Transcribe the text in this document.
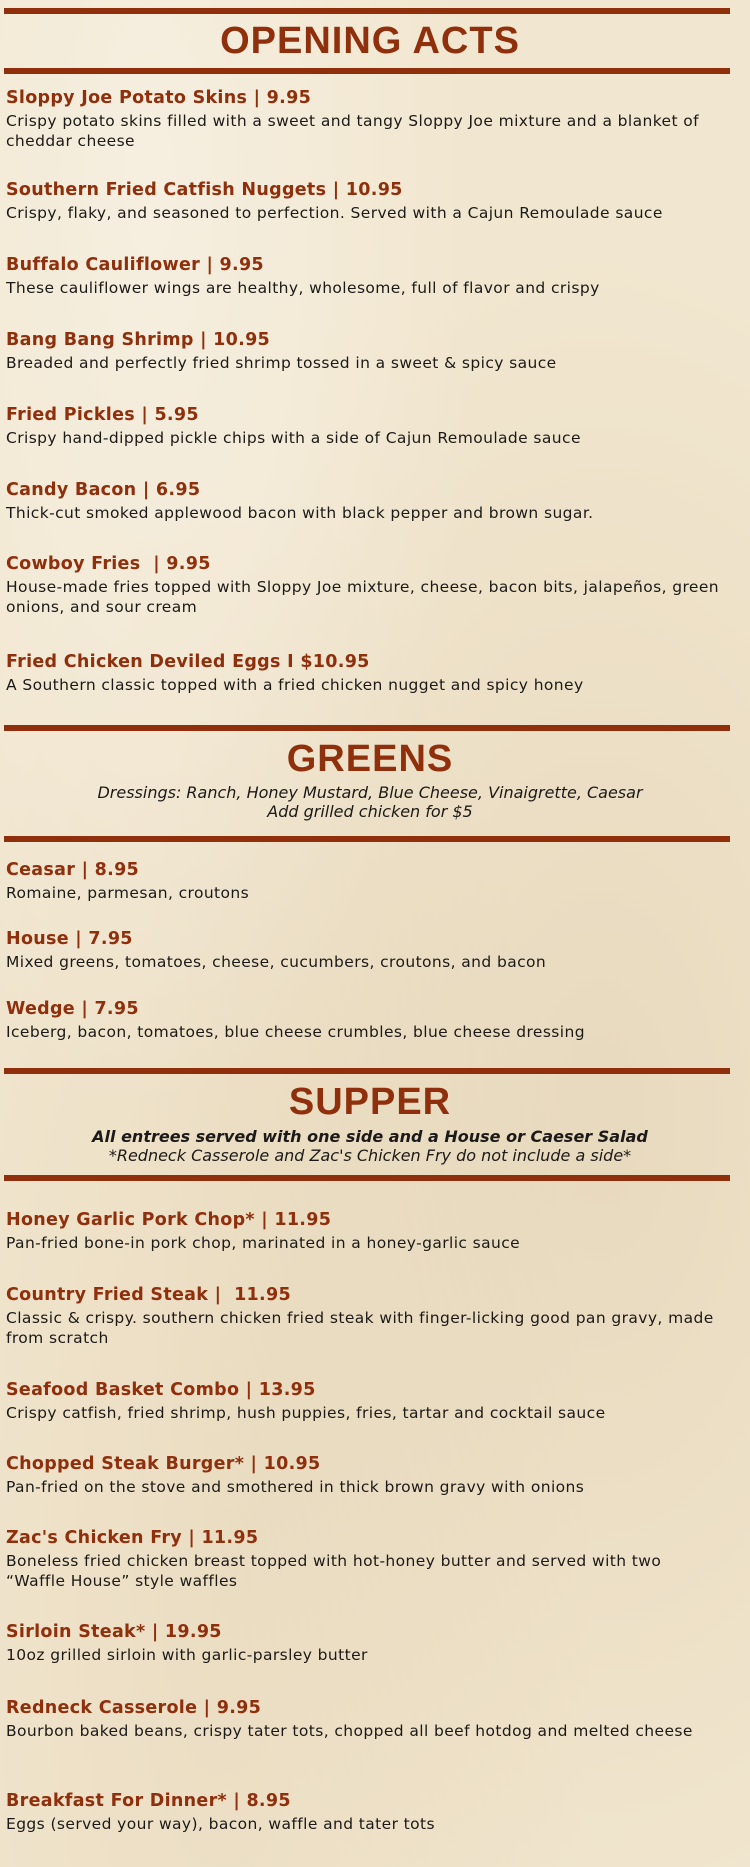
OPENING ACTS
Sloppy Joe Potato Skins | 9.95
Crispy potato skins filled with a sweet and tangy Sloppy Joe mixture and a blanket of cheddar cheese
Southern Fried Catfish Nuggets | 10.95
Crispy, flaky, and seasoned to perfection. Served with a Cajun Remoulade sauce
Buffalo Cauliflower | 9.95
These cauliflower wings are healthy, wholesome, full of flavor and crispy
Bang Bang Shrimp | 10.95
Breaded and perfectly fried shrimp tossed in a sweet & spicy sauce
Fried Pickles | 5.95
Crispy hand-dipped pickle chips with a side of Cajun Remoulade sauce
Candy Bacon | 6.95
Thick-cut smoked applewood bacon with black pepper and brown sugar.
Cowboy Fries  | 9.95
House-made fries topped with Sloppy Joe mixture, cheese, bacon bits, jalapeños, green onions, and sour cream
Fried Chicken Deviled Eggs I $10.95
A Southern classic topped with a fried chicken nugget and spicy honey
GREENS
Dressings: Ranch, Honey Mustard, Blue Cheese, Vinaigrette, Caesar
Add grilled chicken for $5
Ceasar | 8.95
Romaine, parmesan, croutons
House | 7.95
Mixed greens, tomatoes, cheese, cucumbers, croutons, and bacon
Wedge | 7.95
Iceberg, bacon, tomatoes, blue cheese crumbles, blue cheese dressing
SUPPER
All entrees served with one side and a House or Caeser Salad
*Redneck Casserole and Zac's Chicken Fry do not include a side*
Honey Garlic Pork Chop* | 11.95
Pan-fried bone-in pork chop, marinated in a honey-garlic sauce
Country Fried Steak |  11.95
Classic & crispy. southern chicken fried steak with finger-licking good pan gravy, made from scratch
Seafood Basket Combo | 13.95
Crispy catfish, fried shrimp, hush puppies, fries, tartar and cocktail sauce
Chopped Steak Burger* | 10.95
Pan-fried on the stove and smothered in thick brown gravy with onions
Zac's Chicken Fry | 11.95
Boneless fried chicken breast topped with hot-honey butter and served with two “Waffle House” style waffles
Sirloin Steak* | 19.95
10oz grilled sirloin with garlic-parsley butter
Redneck Casserole | 9.95
Bourbon baked beans, crispy tater tots, chopped all beef hotdog and melted cheese
Breakfast For Dinner* | 8.95
Eggs (served your way), bacon, waffle and tater tots
